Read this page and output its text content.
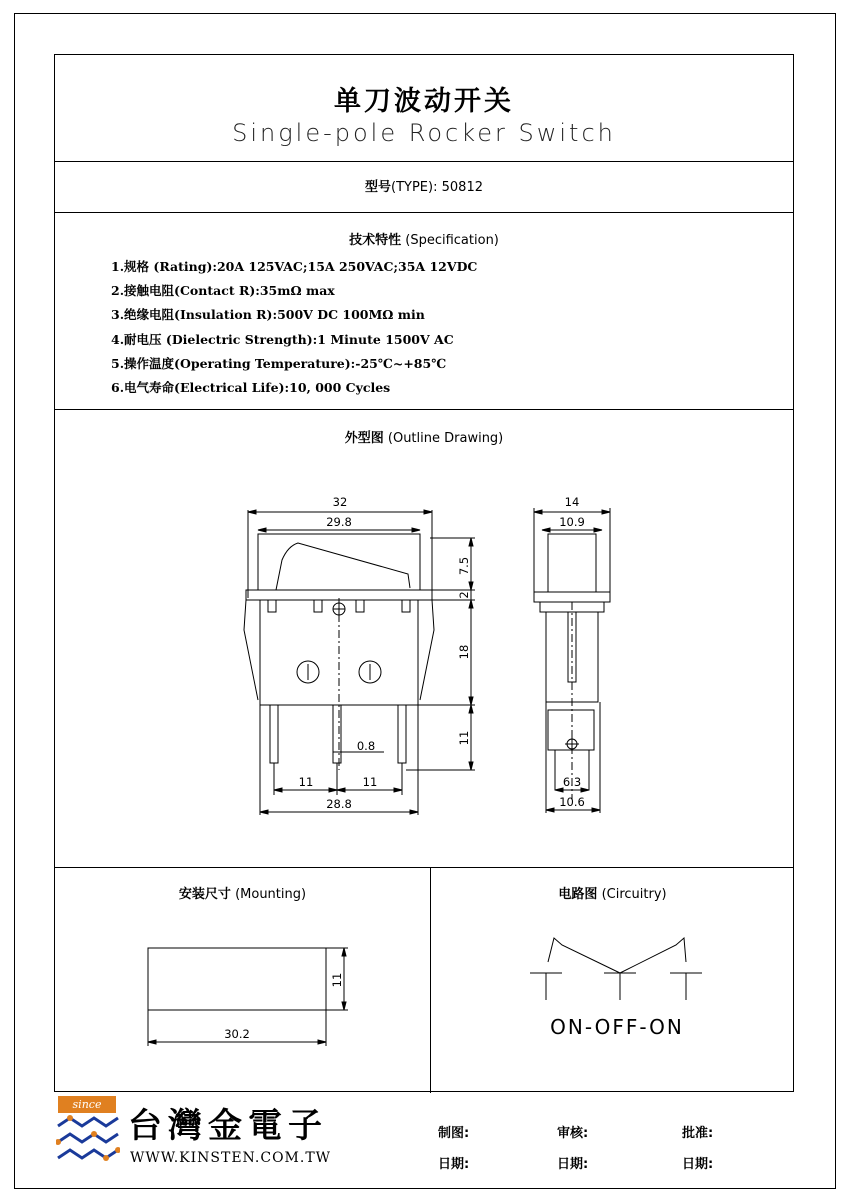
单刀波动开关
Single-pole Rocker Switch
型号(TYPE): 50812
技术特性 (Specification)
1.规格 (Rating):20A 125VAC;15A 250VAC;35A 12VDC
2.接触电阻(Contact R):35mΩ max
3.绝缘电阻(Insulation R):500V DC 100MΩ min
4.耐电压 (Dielectric Strength):1 Minute 1500V AC
5.操作温度(Operating Temperature):-25℃~+85℃
6.电气寿命(Electrical Life):10, 000 Cycles
外型图 (Outline Drawing)
安装尺寸 (Mounting)	电路图 (Circuitry)
32
29.8
7.5
2
18
11
0.8
11	11
28.8
14
10.9
6.3
10.6
30.2
11
ON-OFF-ON
since 1980 台灣金電子
WWW.KINSTEN.COM.TW
制图:	审核:	批准:
日期:	日期:	日期:
